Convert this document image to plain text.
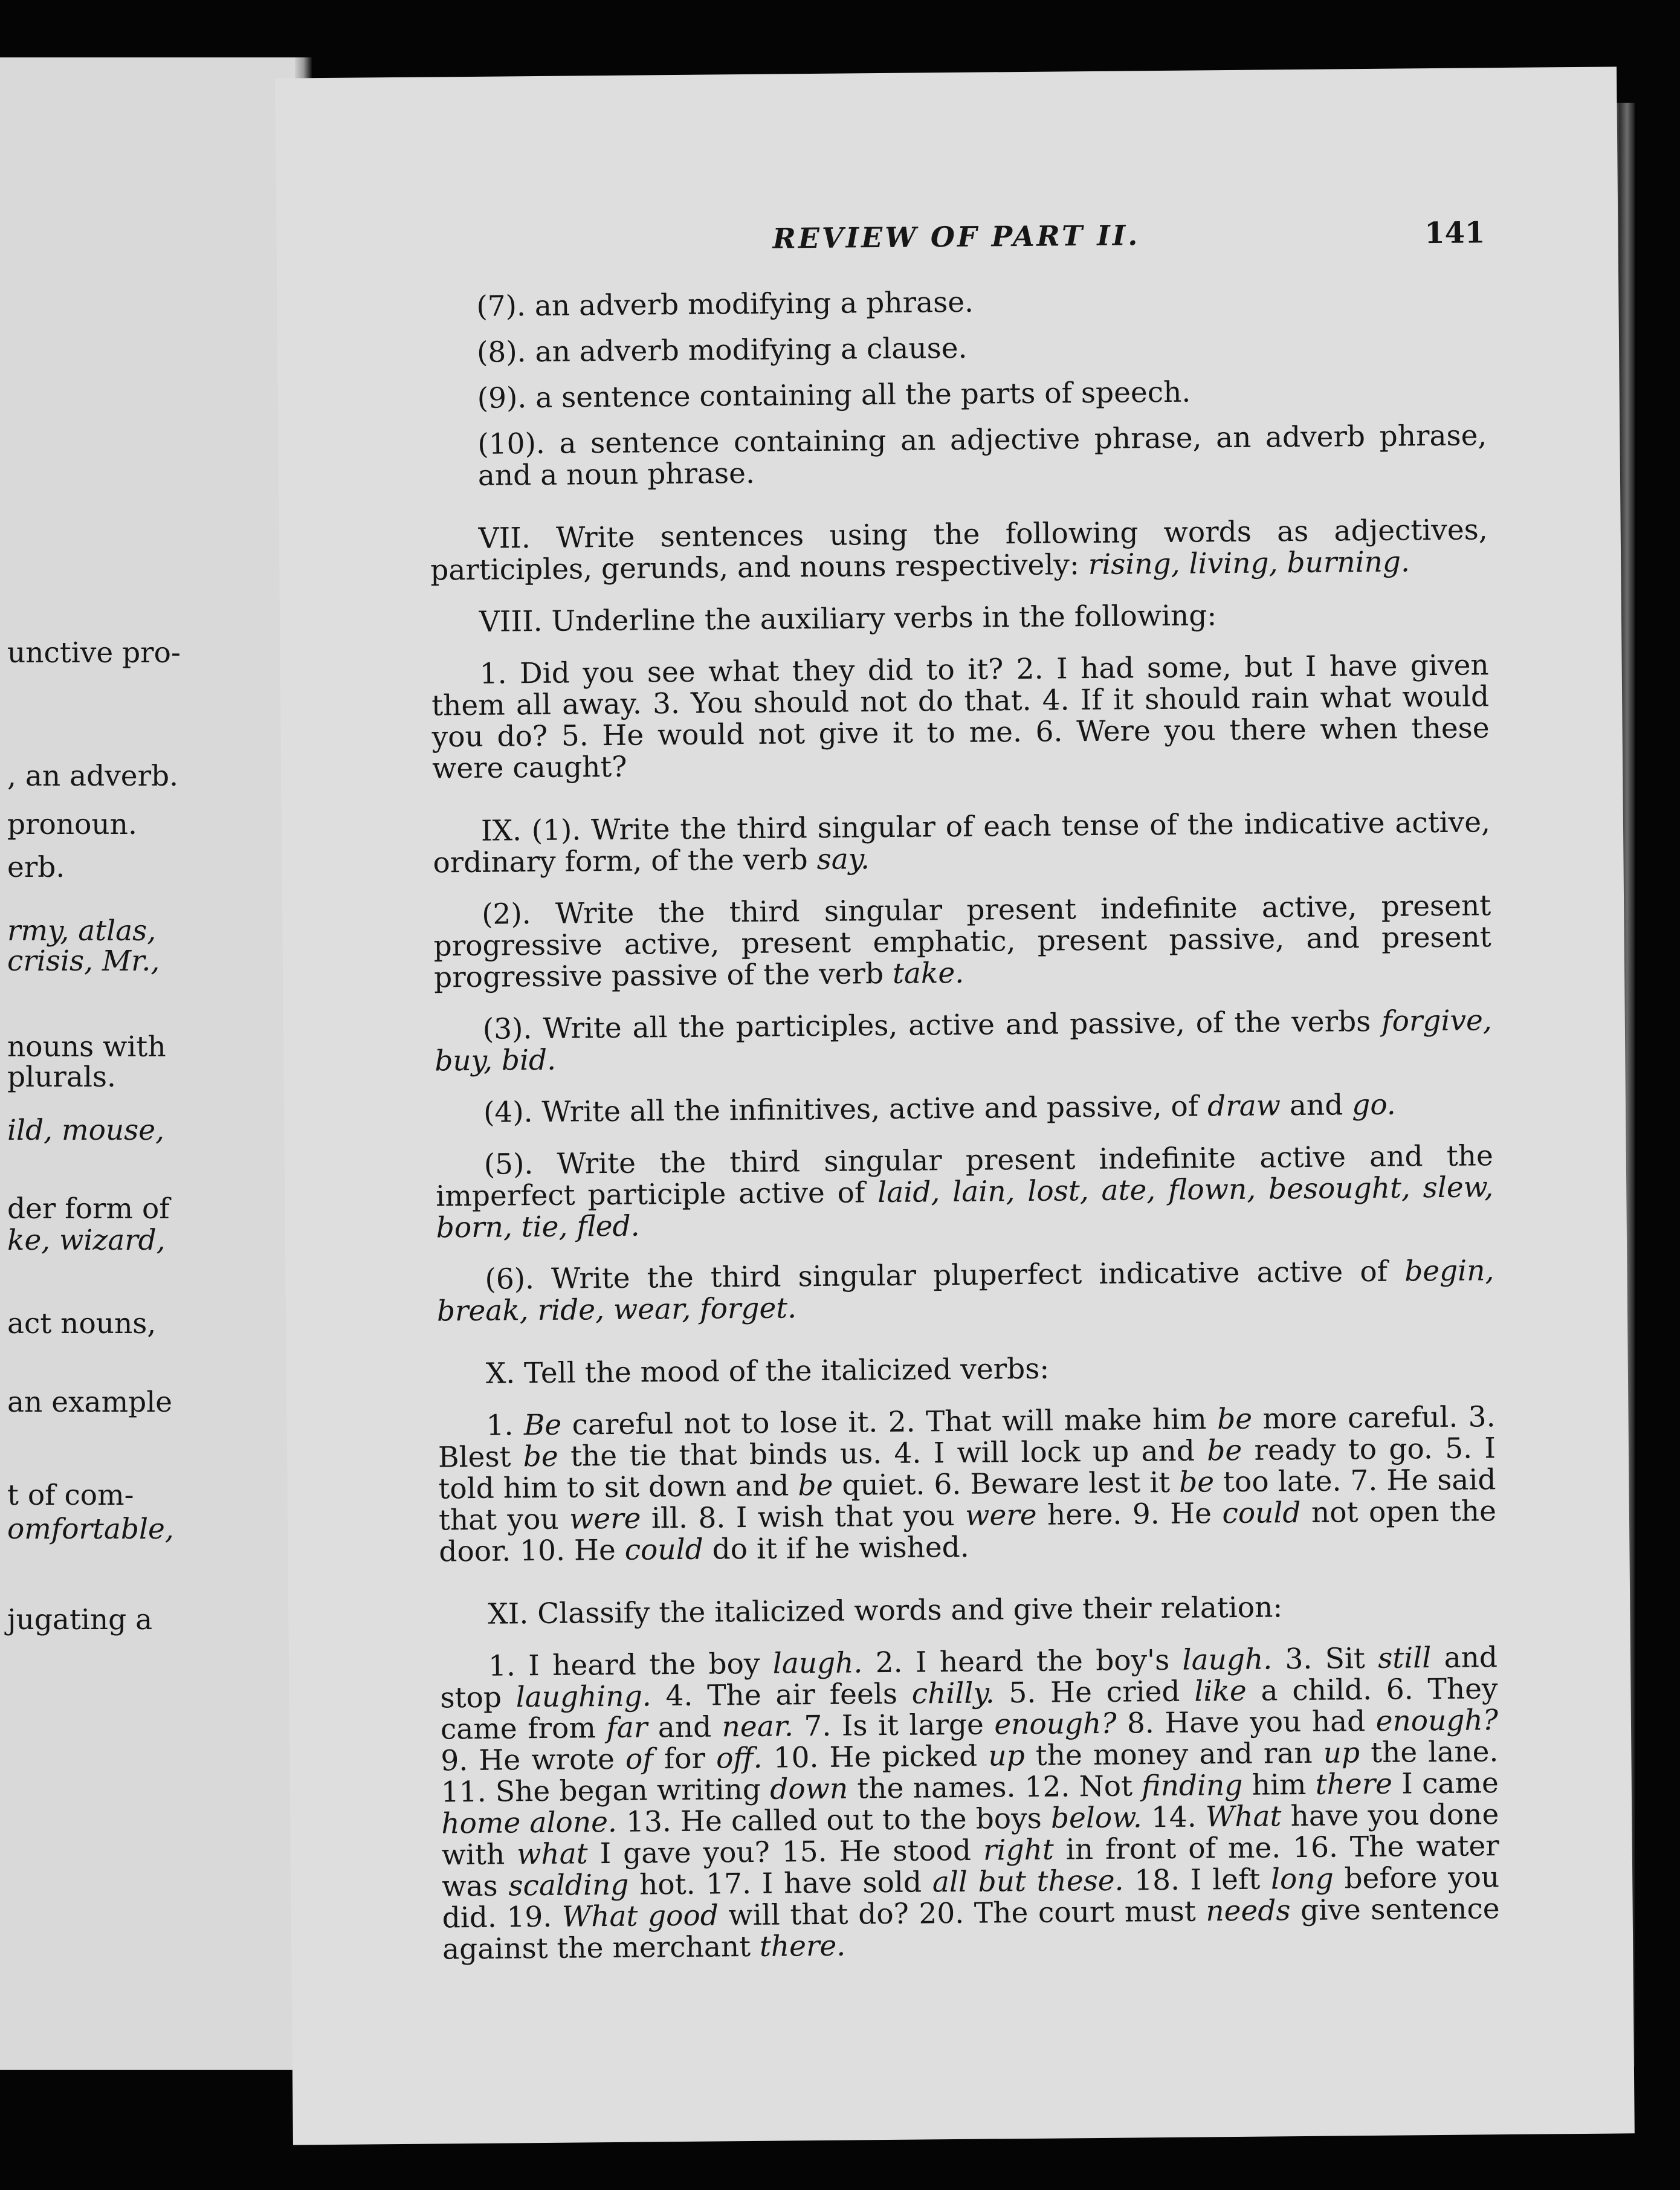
unctive pro-
, an adverb.
pronoun.
erb.
rmy, atlas,
crisis, Mr.,
nouns with
plurals.
ild, mouse,
der form of
ke, wizard,
act nouns,
an example
t of com-
omfortable,
jugating a
REVIEW OF PART II.	141

(7). an adverb modifying a phrase.

(8). an adverb modifying a clause.

(9). a sentence containing all the parts of speech.

(10). a sentence containing an adjective phrase, an adverb phrase, and a noun phrase.

VII. Write sentences using the following words as adjectives, participles, gerunds, and nouns respectively: rising, living, burning.

VIII. Underline the auxiliary verbs in the following:

1. Did you see what they did to it? 2. I had some, but I have given them all away. 3. You should not do that. 4. If it should rain what would you do? 5. He would not give it to me. 6. Were you there when these were caught?

IX. (1). Write the third singular of each tense of the indicative active, ordinary form, of the verb say.

(2). Write the third singular present indefinite active, present progressive active, present emphatic, present passive, and present progressive passive of the verb take.

(3). Write all the participles, active and passive, of the verbs forgive, buy, bid.

(4). Write all the infinitives, active and passive, of draw and go.

(5). Write the third singular present indefinite active and the imperfect participle active of laid, lain, lost, ate, flown, besought, slew, born, tie, fled.

(6). Write the third singular pluperfect indicative active of begin, break, ride, wear, forget.

X. Tell the mood of the italicized verbs:

1. Be careful not to lose it. 2. That will make him be more careful. 3. Blest be the tie that binds us. 4. I will lock up and be ready to go. 5. I told him to sit down and be quiet. 6. Beware lest it be too late. 7. He said that you were ill. 8. I wish that you were here. 9. He could not open the door. 10. He could do it if he wished.

XI. Classify the italicized words and give their relation:

1. I heard the boy laugh. 2. I heard the boy's laugh. 3. Sit still and stop laughing. 4. The air feels chilly. 5. He cried like a child. 6. They came from far and near. 7. Is it large enough? 8. Have you had enough? 9. He wrote of for off. 10. He picked up the money and ran up the lane. 11. She began writing down the names. 12. Not finding him there I came home alone. 13. He called out to the boys below. 14. What have you done with what I gave you? 15. He stood right in front of me. 16. The water was scalding hot. 17. I have sold all but these. 18. I left long before you did. 19. What good will that do? 20. The court must needs give sentence against the merchant there.
